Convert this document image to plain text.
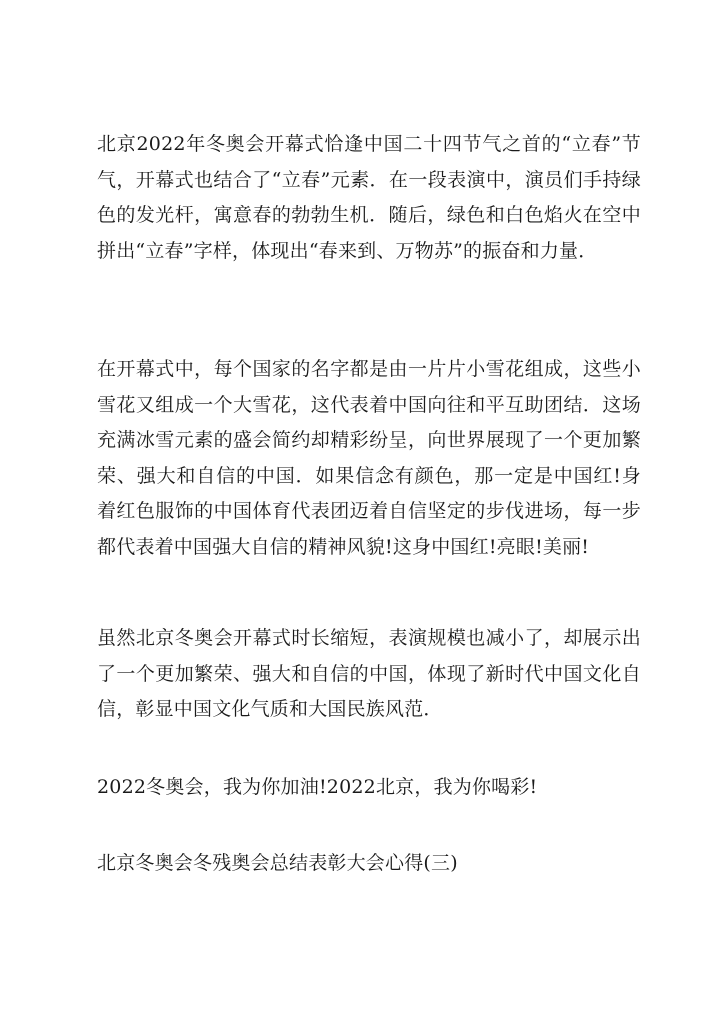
北京2022年冬奥会开幕式恰逢中国二十四节气之首的“立春”节气，开幕式也结合了“立春”元素．在一段表演中，演员们手持绿色的发光杆，寓意春的勃勃生机．随后，绿色和白色焰火在空中拼出“立春”字样，体现出“春来到、万物苏”的振奋和力量．

在开幕式中，每个国家的名字都是由一片片小雪花组成，这些小雪花又组成一个大雪花，这代表着中国向往和平互助团结．这场充满冰雪元素的盛会简约却精彩纷呈，向世界展现了一个更加繁荣、强大和自信的中国．如果信念有颜色，那一定是中国红!身着红色服饰的中国体育代表团迈着自信坚定的步伐进场，每一步都代表着中国强大自信的精神风貌!这身中国红!亮眼!美丽!

虽然北京冬奥会开幕式时长缩短，表演规模也减小了，却展示出了一个更加繁荣、强大和自信的中国，体现了新时代中国文化自信，彰显中国文化气质和大国民族风范．

2022冬奥会，我为你加油!2022北京，我为你喝彩!

北京冬奥会冬残奥会总结表彰大会心得(三)
